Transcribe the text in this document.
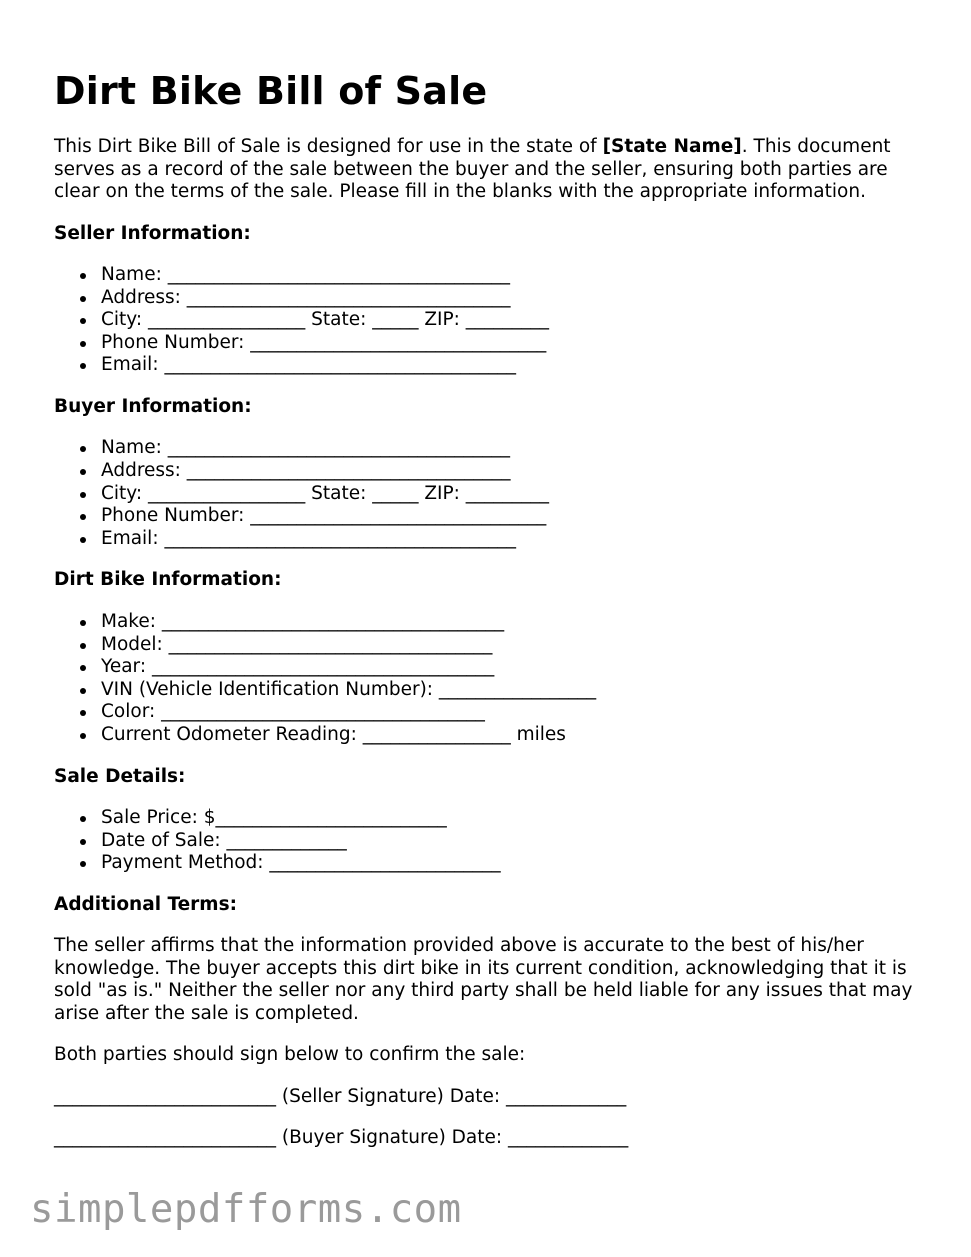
Dirt Bike Bill of Sale

This Dirt Bike Bill of Sale is designed for use in the state of [State Name]. This document serves as a record of the sale between the buyer and the seller, ensuring both parties are clear on the terms of the sale. Please fill in the blanks with the appropriate information.

Seller Information:
Name: _____________________________________
Address: ___________________________________
City: _________________ State: _____ ZIP: _________
Phone Number: ________________________________
Email: ______________________________________
Buyer Information:
Name: _____________________________________
Address: ___________________________________
City: _________________ State: _____ ZIP: _________
Phone Number: ________________________________
Email: ______________________________________
Dirt Bike Information:
Make: _____________________________________
Model: ___________________________________
Year: _____________________________________
VIN (Vehicle Identification Number): _________________
Color: ___________________________________
Current Odometer Reading: ________________ miles
Sale Details:
Sale Price: $_________________________
Date of Sale: _____________
Payment Method: _________________________
Additional Terms:

The seller affirms that the information provided above is accurate to the best of his/her knowledge. The buyer accepts this dirt bike in its current condition, acknowledging that it is sold "as is." Neither the seller nor any third party shall be held liable for any issues that may arise after the sale is completed.

Both parties should sign below to confirm the sale:

________________________ (Seller Signature) Date: _____________
________________________ (Buyer Signature) Date: _____________
simplepdfforms.com
